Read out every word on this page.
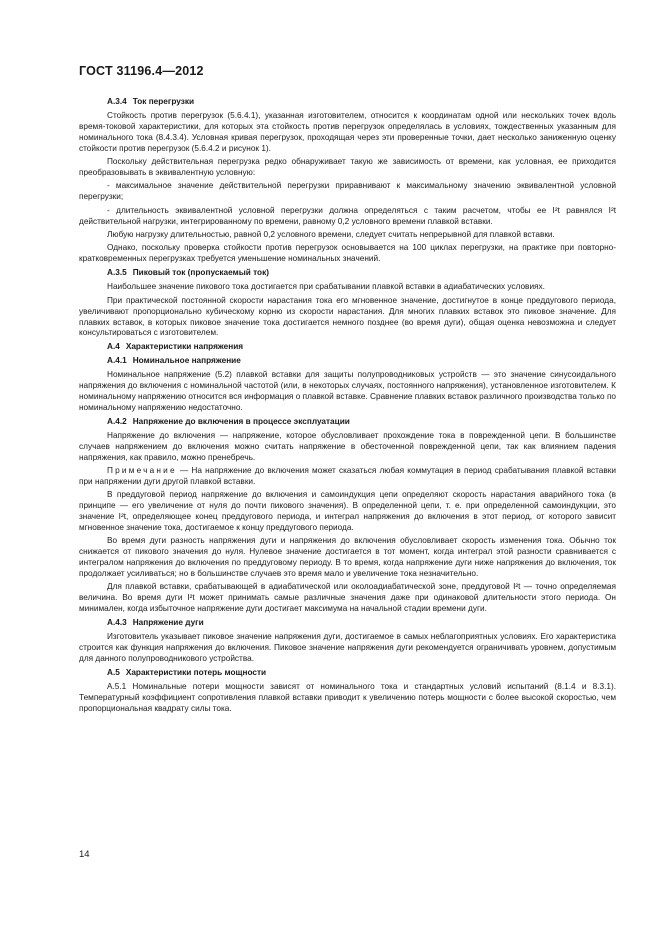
ГОСТ 31196.4—2012

А.3.4 Ток перегрузки

Стойкость против перегрузок (5.6.4.1), указанная изготовителем, относится к координатам одной или нескольких точек вдоль время-токовой характеристики, для которых эта стойкость против перегрузок определялась в условиях, тождественных указанным для номинального тока (8.4.3.4). Условная кривая перегрузок, проходящая через эти проверенные точки, дает несколько заниженную оценку стойкости против перегрузок (5.6.4.2 и рисунок 1).

Поскольку действительная перегрузка редко обнаруживает такую же зависимость от времени, как условная, ее приходится преобразовывать в эквивалентную условную:

- максимальное значение действительной перегрузки приравнивают к максимальному значению эквивалентной условной перегрузки;

- длительность эквивалентной условной перегрузки должна определяться с таким расчетом, чтобы ее I²t равнялся I²t действительной нагрузки, интегрированному по времени, равному 0,2 условного времени плавкой вставки.

Любую нагрузку длительностью, равной 0,2 условного времени, следует считать непрерывной для плавкой вставки.

Однако, поскольку проверка стойкости против перегрузок основывается на 100 циклах перегрузки, на практике при повторно-кратковременных перегрузках требуется уменьшение номинальных значений.

А.3.5 Пиковый ток (пропускаемый ток)

Наибольшее значение пикового тока достигается при срабатывании плавкой вставки в адиабатических условиях.

При практической постоянной скорости нарастания тока его мгновенное значение, достигнутое в конце преддугового периода, увеличивают пропорционально кубическому корню из скорости нарастания. Для многих плавких вставок это пиковое значение. Для плавких вставок, в которых пиковое значение тока достигается немного позднее (во время дуги), общая оценка невозможна и следует консультироваться с изготовителем.

А.4 Характеристики напряжения

А.4.1 Номинальное напряжение

Номинальное напряжение (5.2) плавкой вставки для защиты полупроводниковых устройств — это значение синусоидального напряжения до включения с номинальной частотой (или, в некоторых случаях, постоянного напряжения), установленное изготовителем. К номинальному напряжению относится вся информация о плавкой вставке. Сравнение плавких вставок различного производства только по номинальному напряжению недостаточно.

А.4.2 Напряжение до включения в процессе эксплуатации

Напряжение до включения — напряжение, которое обусловливает прохождение тока в поврежденной цепи. В большинстве случаев напряжением до включения можно считать напряжение в обесточенной поврежденной цепи, так как влиянием падения напряжения, как правило, можно пренебречь.

Примечание — На напряжение до включения может сказаться любая коммутация в период срабатывания плавкой вставки при напряжении дуги другой плавкой вставки.

В преддуговой период напряжение до включения и самоиндукция цепи определяют скорость нарастания аварийного тока (в принципе — его увеличение от нуля до почти пикового значения). В определенной цепи, т. е. при определенной самоиндукции, это значение I²t, определяющее конец преддугового периода, и интеграл напряжения до включения в этот период, от которого зависит мгновенное значение тока, достигаемое к концу преддугового периода.

Во время дуги разность напряжения дуги и напряжения до включения обусловливает скорость изменения тока. Обычно ток снижается от пикового значения до нуля. Нулевое значение достигается в тот момент, когда интеграл этой разности сравнивается с интегралом напряжения до включения по преддуговому периоду. В то время, когда напряжение дуги ниже напряжения до включения, ток продолжает усиливаться; но в большинстве случаев это время мало и увеличение тока незначительно.

Для плавкой вставки, срабатывающей в адиабатической или околоадиабатической зоне, преддуговой I²t — точно определяемая величина. Во время дуги I²t может принимать самые различные значения даже при одинаковой длительности этого периода. Он минимален, когда избыточное напряжение дуги достигает максимума на начальной стадии времени дуги.

А.4.3 Напряжение дуги

Изготовитель указывает пиковое значение напряжения дуги, достигаемое в самых неблагоприятных условиях. Его характеристика строится как функция напряжения до включения. Пиковое значение напряжения дуги рекомендуется ограничивать уровнем, допустимым для данного полупроводникового устройства.

А.5 Характеристики потерь мощности

А.5.1 Номинальные потери мощности зависят от номинального тока и стандартных условий испытаний (8.1.4 и 8.3.1). Температурный коэффициент сопротивления плавкой вставки приводит к увеличению потерь мощности с более высокой скоростью, чем пропорциональная квадрату силы тока.

14
